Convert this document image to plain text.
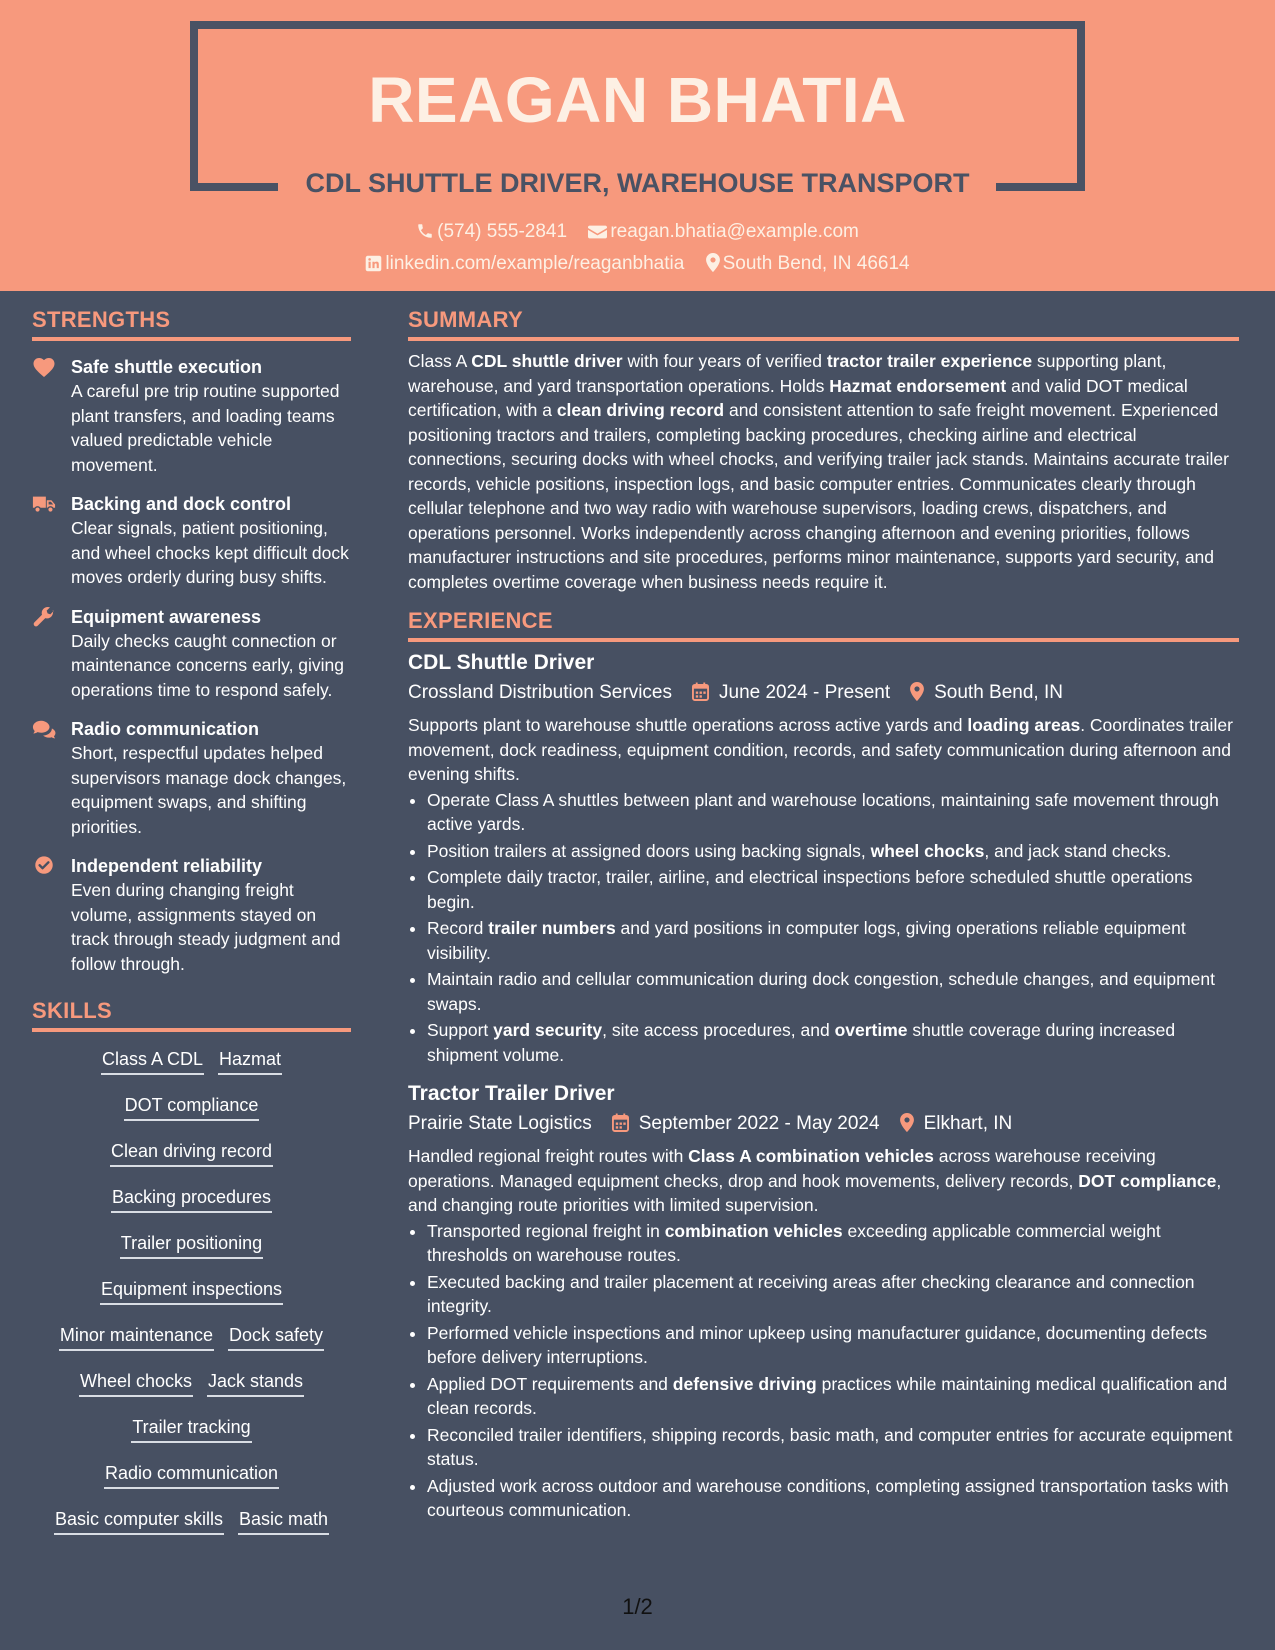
REAGAN BHATIA
CDL SHUTTLE DRIVER, WAREHOUSE TRANSPORT
(574) 555-2841 reagan.bhatia@example.com
linkedin.com/example/reaganbhatia South Bend, IN 46614
STRENGTHS
Safe shuttle execution
A careful pre trip routine supported plant transfers, and loading teams valued predictable vehicle movement.
Backing and dock control
Clear signals, patient positioning, and wheel chocks kept difficult dock moves orderly during busy shifts.
Equipment awareness
Daily checks caught connection or maintenance concerns early, giving operations time to respond safely.
Radio communication
Short, respectful updates helped supervisors manage dock changes, equipment swaps, and shifting priorities.
Independent reliability
Even during changing freight volume, assignments stayed on track through steady judgment and follow through.
SKILLS
Class A CDL Hazmat
DOT compliance
Clean driving record
Backing procedures
Trailer positioning
Equipment inspections
Minor maintenance Dock safety
Wheel chocks Jack stands
Trailer tracking
Radio communication
Basic computer skills Basic math
SUMMARY
Class A CDL shuttle driver with four years of verified tractor trailer experience supporting plant, warehouse, and yard transportation operations. Holds Hazmat endorsement and valid DOT medical certification, with a clean driving record and consistent attention to safe freight movement. Experienced positioning tractors and trailers, completing backing procedures, checking airline and electrical connections, securing docks with wheel chocks, and verifying trailer jack stands. Maintains accurate trailer records, vehicle positions, inspection logs, and basic computer entries. Communicates clearly through cellular telephone and two way radio with warehouse supervisors, loading crews, dispatchers, and operations personnel. Works independently across changing afternoon and evening priorities, follows manufacturer instructions and site procedures, performs minor maintenance, supports yard security, and completes overtime coverage when business needs require it.
EXPERIENCE
CDL Shuttle Driver
Crossland Distribution Services June 2024 - Present South Bend, IN
Supports plant to warehouse shuttle operations across active yards and loading areas. Coordinates trailer movement, dock readiness, equipment condition, records, and safety communication during afternoon and evening shifts.
• Operate Class A shuttles between plant and warehouse locations, maintaining safe movement through active yards.
• Position trailers at assigned doors using backing signals, wheel chocks, and jack stand checks.
• Complete daily tractor, trailer, airline, and electrical inspections before scheduled shuttle operations begin.
• Record trailer numbers and yard positions in computer logs, giving operations reliable equipment visibility.
• Maintain radio and cellular communication during dock congestion, schedule changes, and equipment swaps.
• Support yard security, site access procedures, and overtime shuttle coverage during increased shipment volume.
Tractor Trailer Driver
Prairie State Logistics September 2022 - May 2024 Elkhart, IN
Handled regional freight routes with Class A combination vehicles across warehouse receiving operations. Managed equipment checks, drop and hook movements, delivery records, DOT compliance, and changing route priorities with limited supervision.
• Transported regional freight in combination vehicles exceeding applicable commercial weight thresholds on warehouse routes.
• Executed backing and trailer placement at receiving areas after checking clearance and connection integrity.
• Performed vehicle inspections and minor upkeep using manufacturer guidance, documenting defects before delivery interruptions.
• Applied DOT requirements and defensive driving practices while maintaining medical qualification and clean records.
• Reconciled trailer identifiers, shipping records, basic math, and computer entries for accurate equipment status.
• Adjusted work across outdoor and warehouse conditions, completing assigned transportation tasks with courteous communication.
1/2
